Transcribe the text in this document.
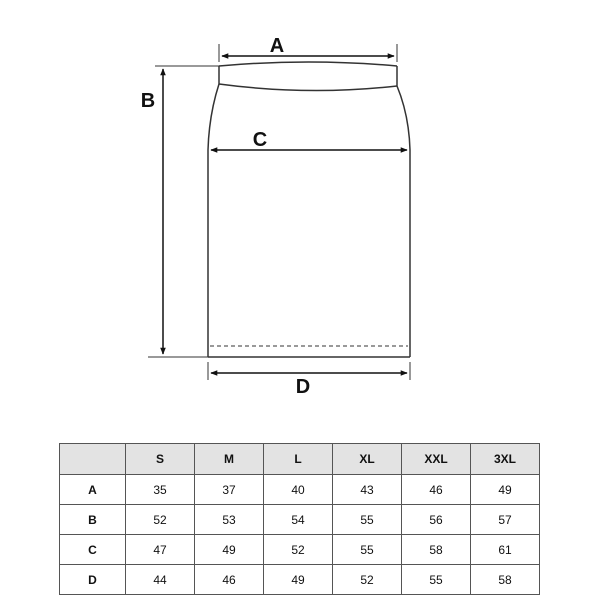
A
B
C
D
	S	M	L	XL	XXL	3XL
A	35	37	40	43	46	49
B	52	53	54	55	56	57
C	47	49	52	55	58	61
D	44	46	49	52	55	58
